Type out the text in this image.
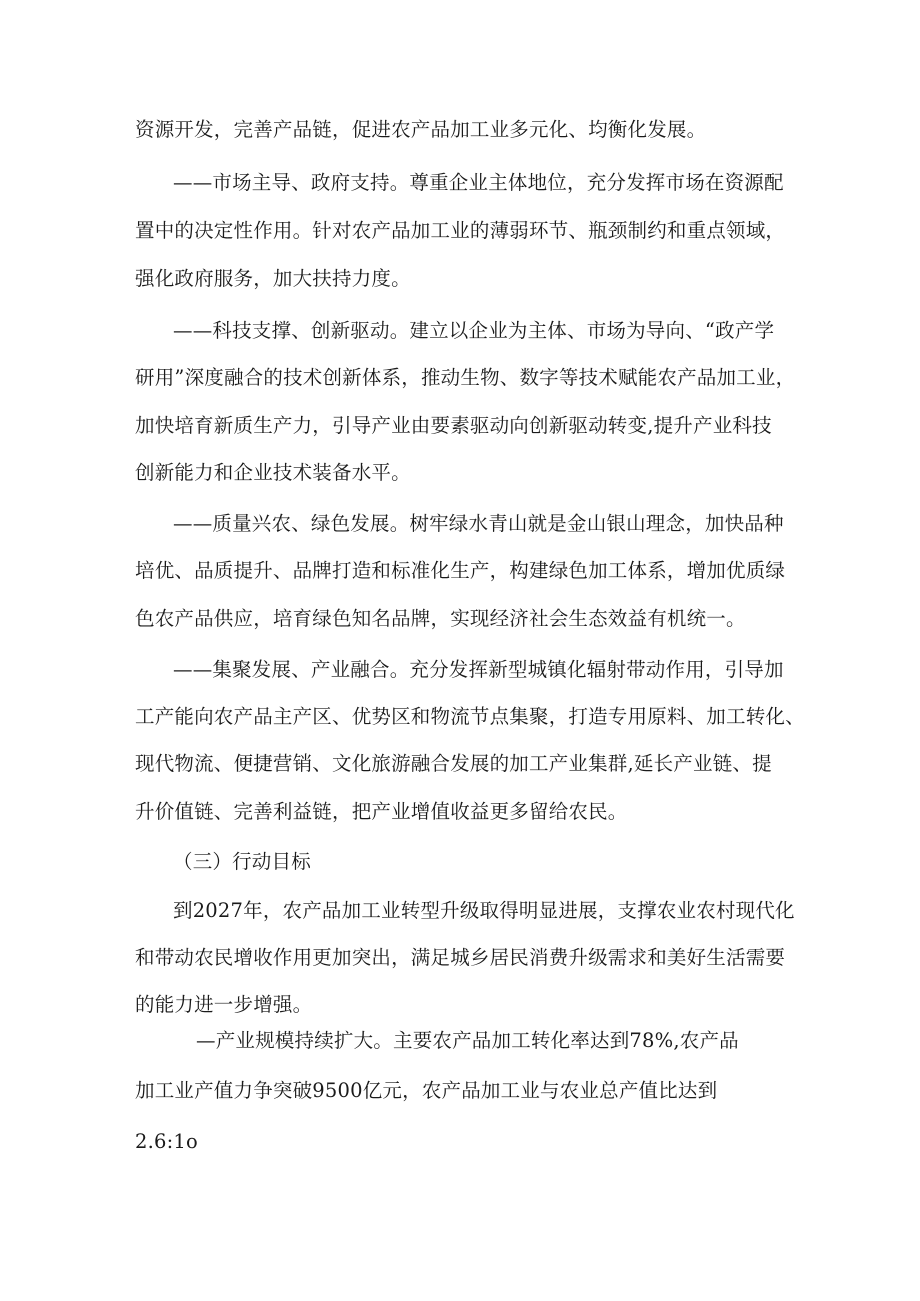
资源开发，完善产品链，促进农产品加工业多元化、均衡化发展。
——市场主导、政府支持。尊重企业主体地位，充分发挥市场在资源配
置中的决定性作用。针对农产品加工业的薄弱环节、瓶颈制约和重点领域，
强化政府服务，加大扶持力度。
——科技支撑、创新驱动。建立以企业为主体、市场为导向、“政产学
研用”深度融合的技术创新体系，推动生物、数字等技术赋能农产品加工业，
加快培育新质生产力，引导产业由要素驱动向创新驱动转变,提升产业科技
创新能力和企业技术装备水平。
——质量兴农、绿色发展。树牢绿水青山就是金山银山理念，加快品种
培优、品质提升、品牌打造和标准化生产，构建绿色加工体系，增加优质绿
色农产品供应，培育绿色知名品牌，实现经济社会生态效益有机统一。
——集聚发展、产业融合。充分发挥新型城镇化辐射带动作用，引导加
工产能向农产品主产区、优势区和物流节点集聚，打造专用原料、加工转化、
现代物流、便捷营销、文化旅游融合发展的加工产业集群,延长产业链、提
升价值链、完善利益链，把产业增值收益更多留给农民。
（三）行动目标
到2027年，农产品加工业转型升级取得明显进展，支撑农业农村现代化
和带动农民增收作用更加突出，满足城乡居民消费升级需求和美好生活需要
的能力进一步增强。
—产业规模持续扩大。主要农产品加工转化率达到78%,农产品
加工业产值力争突破9500亿元，农产品加工业与农业总产值比达到
2.6:1o
